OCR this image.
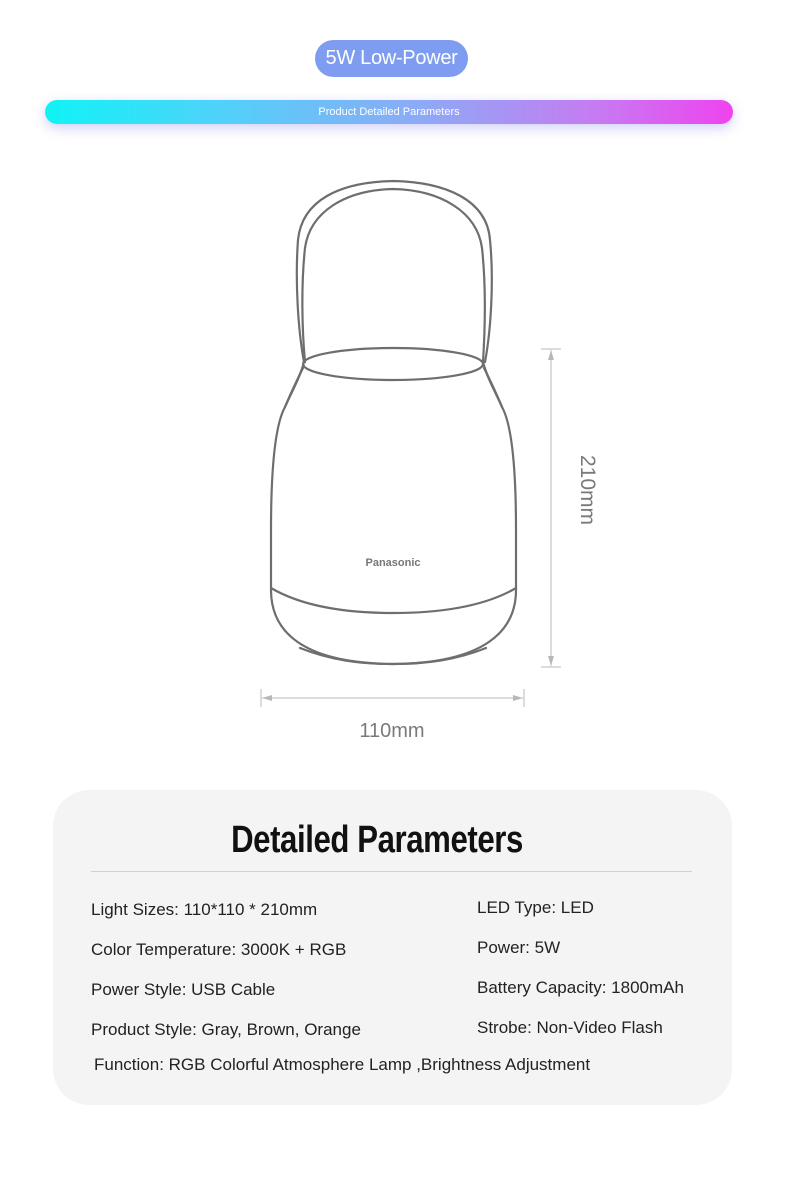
5W Low-Power
Product Detailed Parameters
Panasonic
210mm
110mm
Detailed Parameters
Light Sizes: 110*110 * 210mm
Color Temperature: 3000K + RGB
Power Style: USB Cable
Product Style: Gray, Brown, Orange
LED Type: LED
Power: 5W
Battery Capacity: 1800mAh
Strobe: Non-Video Flash
Function: RGB Colorful Atmosphere Lamp ,Brightness Adjustment
